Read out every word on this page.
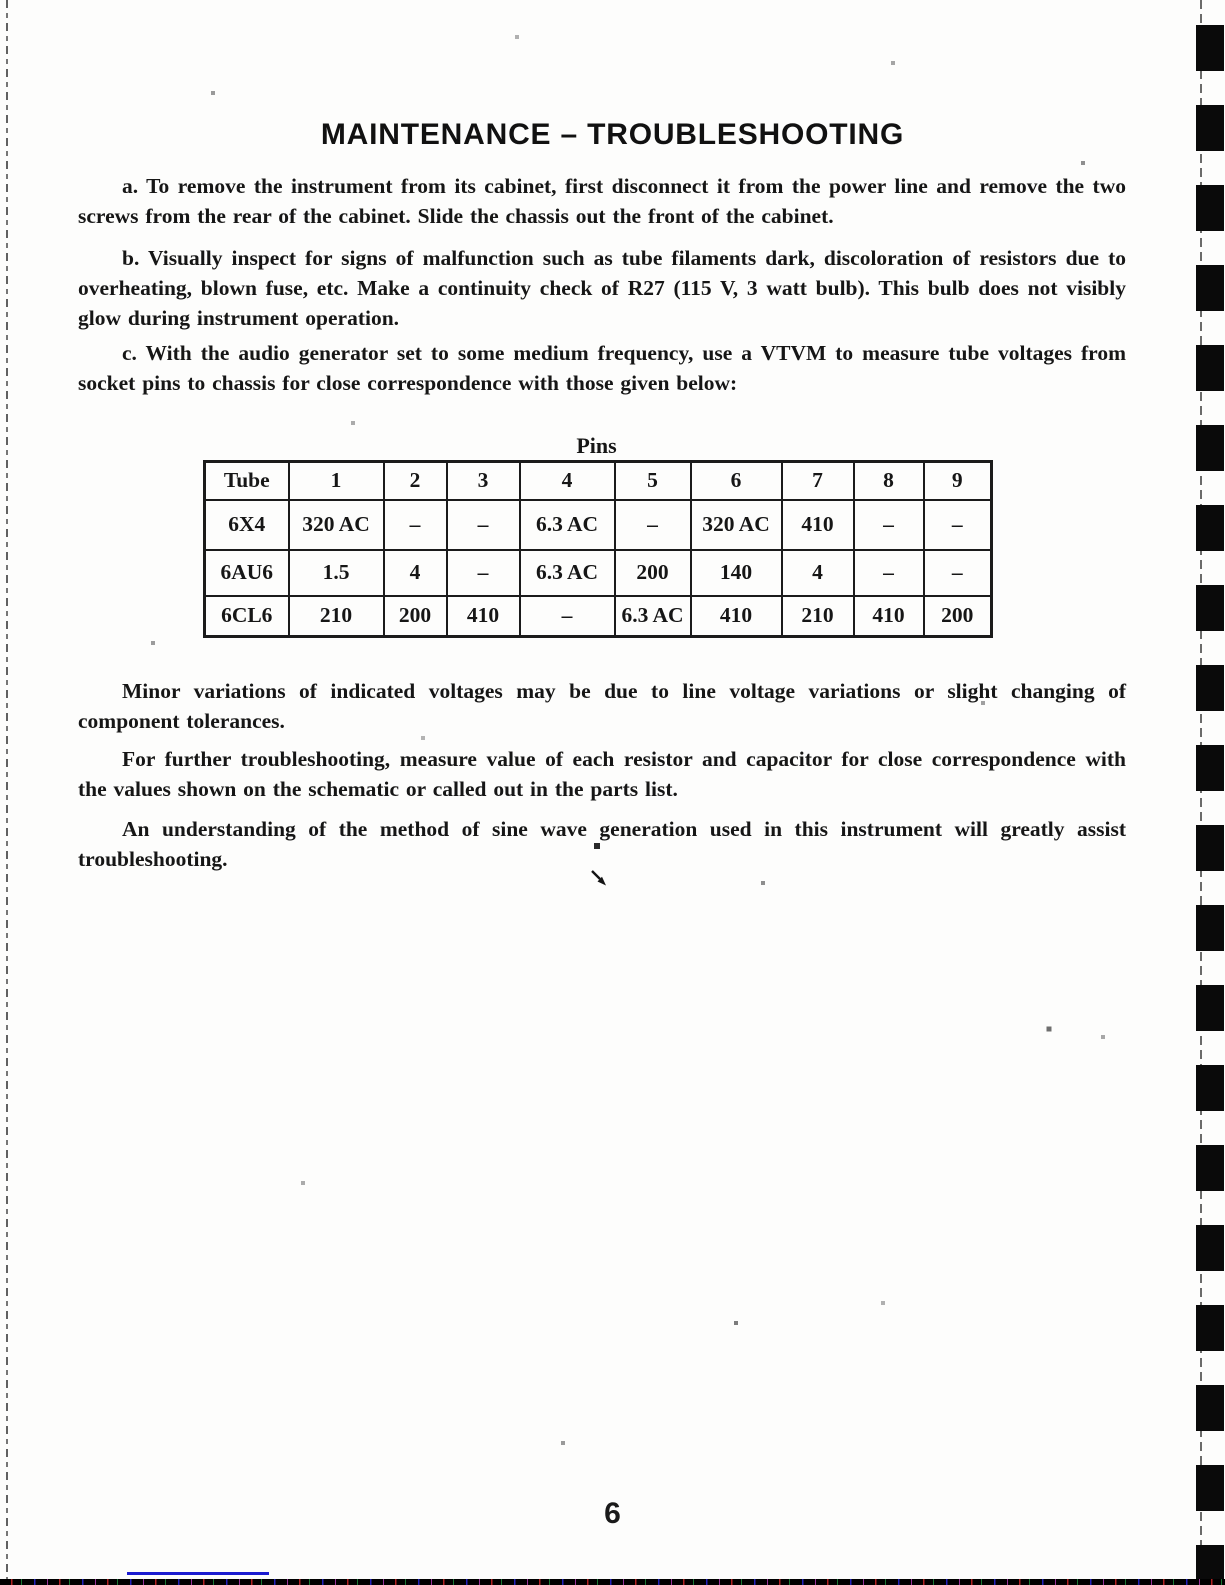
MAINTENANCE – TROUBLESHOOTING

a. To remove the instrument from its cabinet, first disconnect it from the power line and remove the two screws from the rear of the cabinet. Slide the chassis out the front of the cabinet.

b. Visually inspect for signs of malfunction such as tube filaments dark, discoloration of resistors due to overheating, blown fuse, etc. Make a continuity check of R27 (115 V, 3 watt bulb). This bulb does not visibly glow during instrument operation.

c. With the audio generator set to some medium frequency, use a VTVM to measure tube voltages from socket pins to chassis for close correspondence with those given below:

Pins
Tube	1	2	3	4	5	6	7	8	9
6X4	320 AC	–	–	6.3 AC	–	320 AC	410	–	–
6AU6	1.5	4	–	6.3 AC	200	140	4	–	–
6CL6	210	200	410	–	6.3 AC	410	210	410	200

Minor variations of indicated voltages may be due to line voltage variations or slight changing of component tolerances.

For further troubleshooting, measure value of each resistor and capacitor for close correspondence with the values shown on the schematic or called out in the parts list.

An understanding of the method of sine wave generation used in this instrument will greatly assist troubleshooting.

6
